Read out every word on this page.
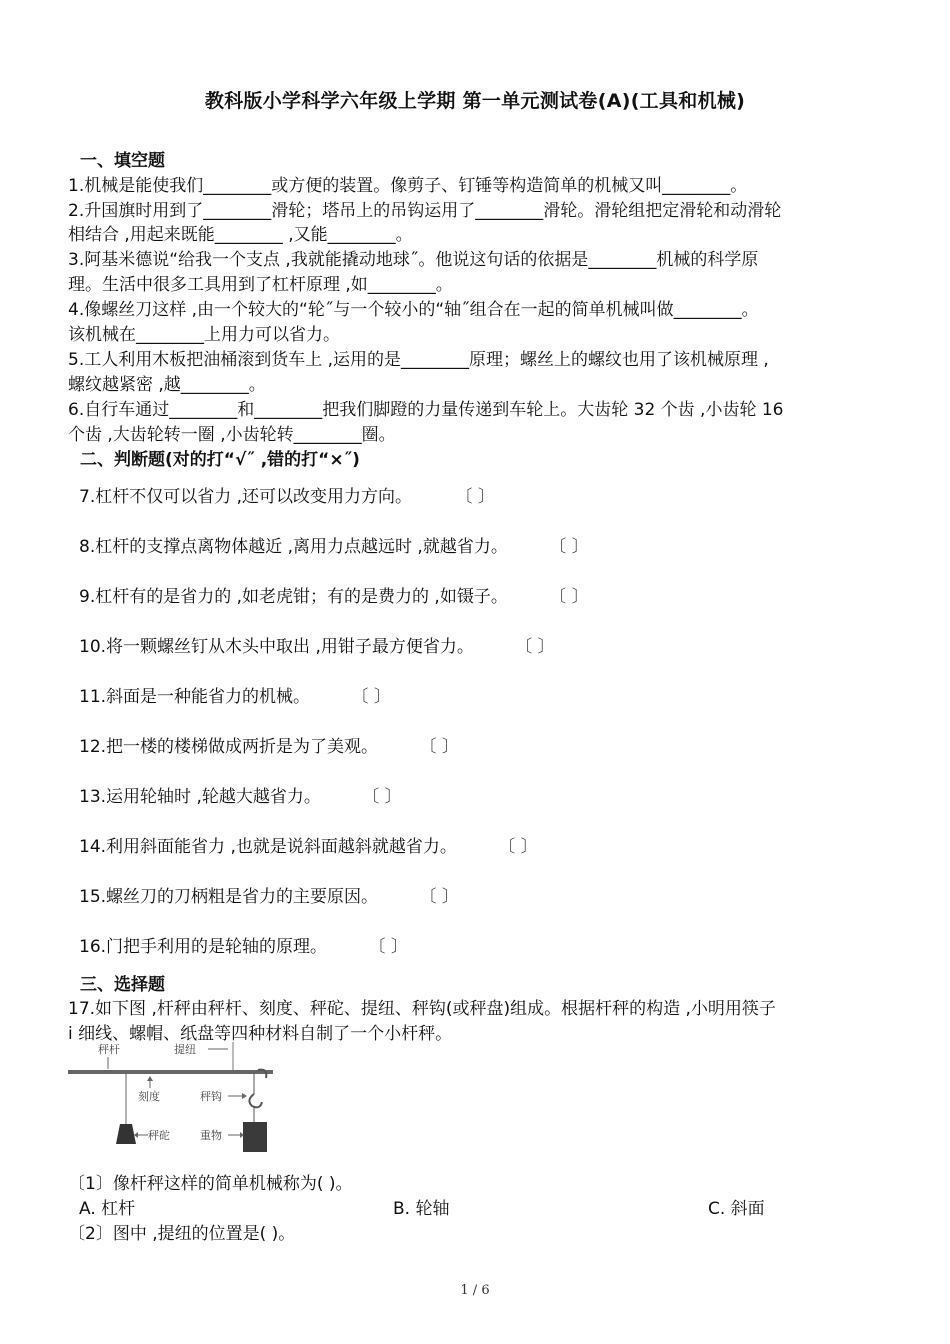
教科版小学科学六年级上学期 第一单元测试卷(A)(工具和机械)
一、填空题
1.机械是能使我们________或方便的装置。像剪子、钉锤等构造简单的机械又叫________。
2.升国旗时用到了________滑轮；塔吊上的吊钩运用了________滑轮。滑轮组把定滑轮和动滑轮
相结合 ,用起来既能________ ,又能________。
3.阿基米德说“给我一个支点 ,我就能撬动地球˝。他说这句话的依据是________机械的科学原
理。生活中很多工具用到了杠杆原理 ,如________。
4.像螺丝刀这样 ,由一个较大的“轮˝与一个较小的“轴˝组合在一起的简单机械叫做________。
该机械在________上用力可以省力。
5.工人利用木板把油桶滚到货车上 ,运用的是________原理；螺丝上的螺纹也用了该机械原理 ,
螺纹越紧密 ,越________。
6.自行车通过________和________把我们脚蹬的力量传递到车轮上。大齿轮 32 个齿 ,小齿轮 16
个齿 ,大齿轮转一圈 ,小齿轮转________圈。
二、判断题(对的打“√˝ ,错的打“×˝)
7.杠杆不仅可以省力 ,还可以改变用力方向。	〔 〕
8.杠杆的支撑点离物体越近 ,离用力点越远时 ,就越省力。 〔 〕
9.杠杆有的是省力的 ,如老虎钳；有的是费力的 ,如镊子。 〔 〕
10.将一颗螺丝钉从木头中取出 ,用钳子最方便省力。 〔 〕
11.斜面是一种能省力的机械。 〔 〕
12.把一楼的楼梯做成两折是为了美观。 〔 〕
13.运用轮轴时 ,轮越大越省力。 〔 〕
14.利用斜面能省力 ,也就是说斜面越斜就越省力。 〔 〕
15.螺丝刀的刀柄粗是省力的主要原因。 〔 〕
16.门把手利用的是轮轴的原理。 〔 〕
三、选择题
17.如下图 ,杆秤由秤杆、刻度、秤砣、提纽、秤钩(或秤盘)组成。根据杆秤的构造 ,小明用筷子
i 细线、螺帽、纸盘等四种材料自制了一个小杆秤。
秤杆	提纽
刻度	秤钩
秤砣	重物
〔1〕像杆秤这样的简单机械称为( )。
A. 杠杆	B. 轮轴	C. 斜面
〔2〕图中 ,提纽的位置是( )。
1 / 6
